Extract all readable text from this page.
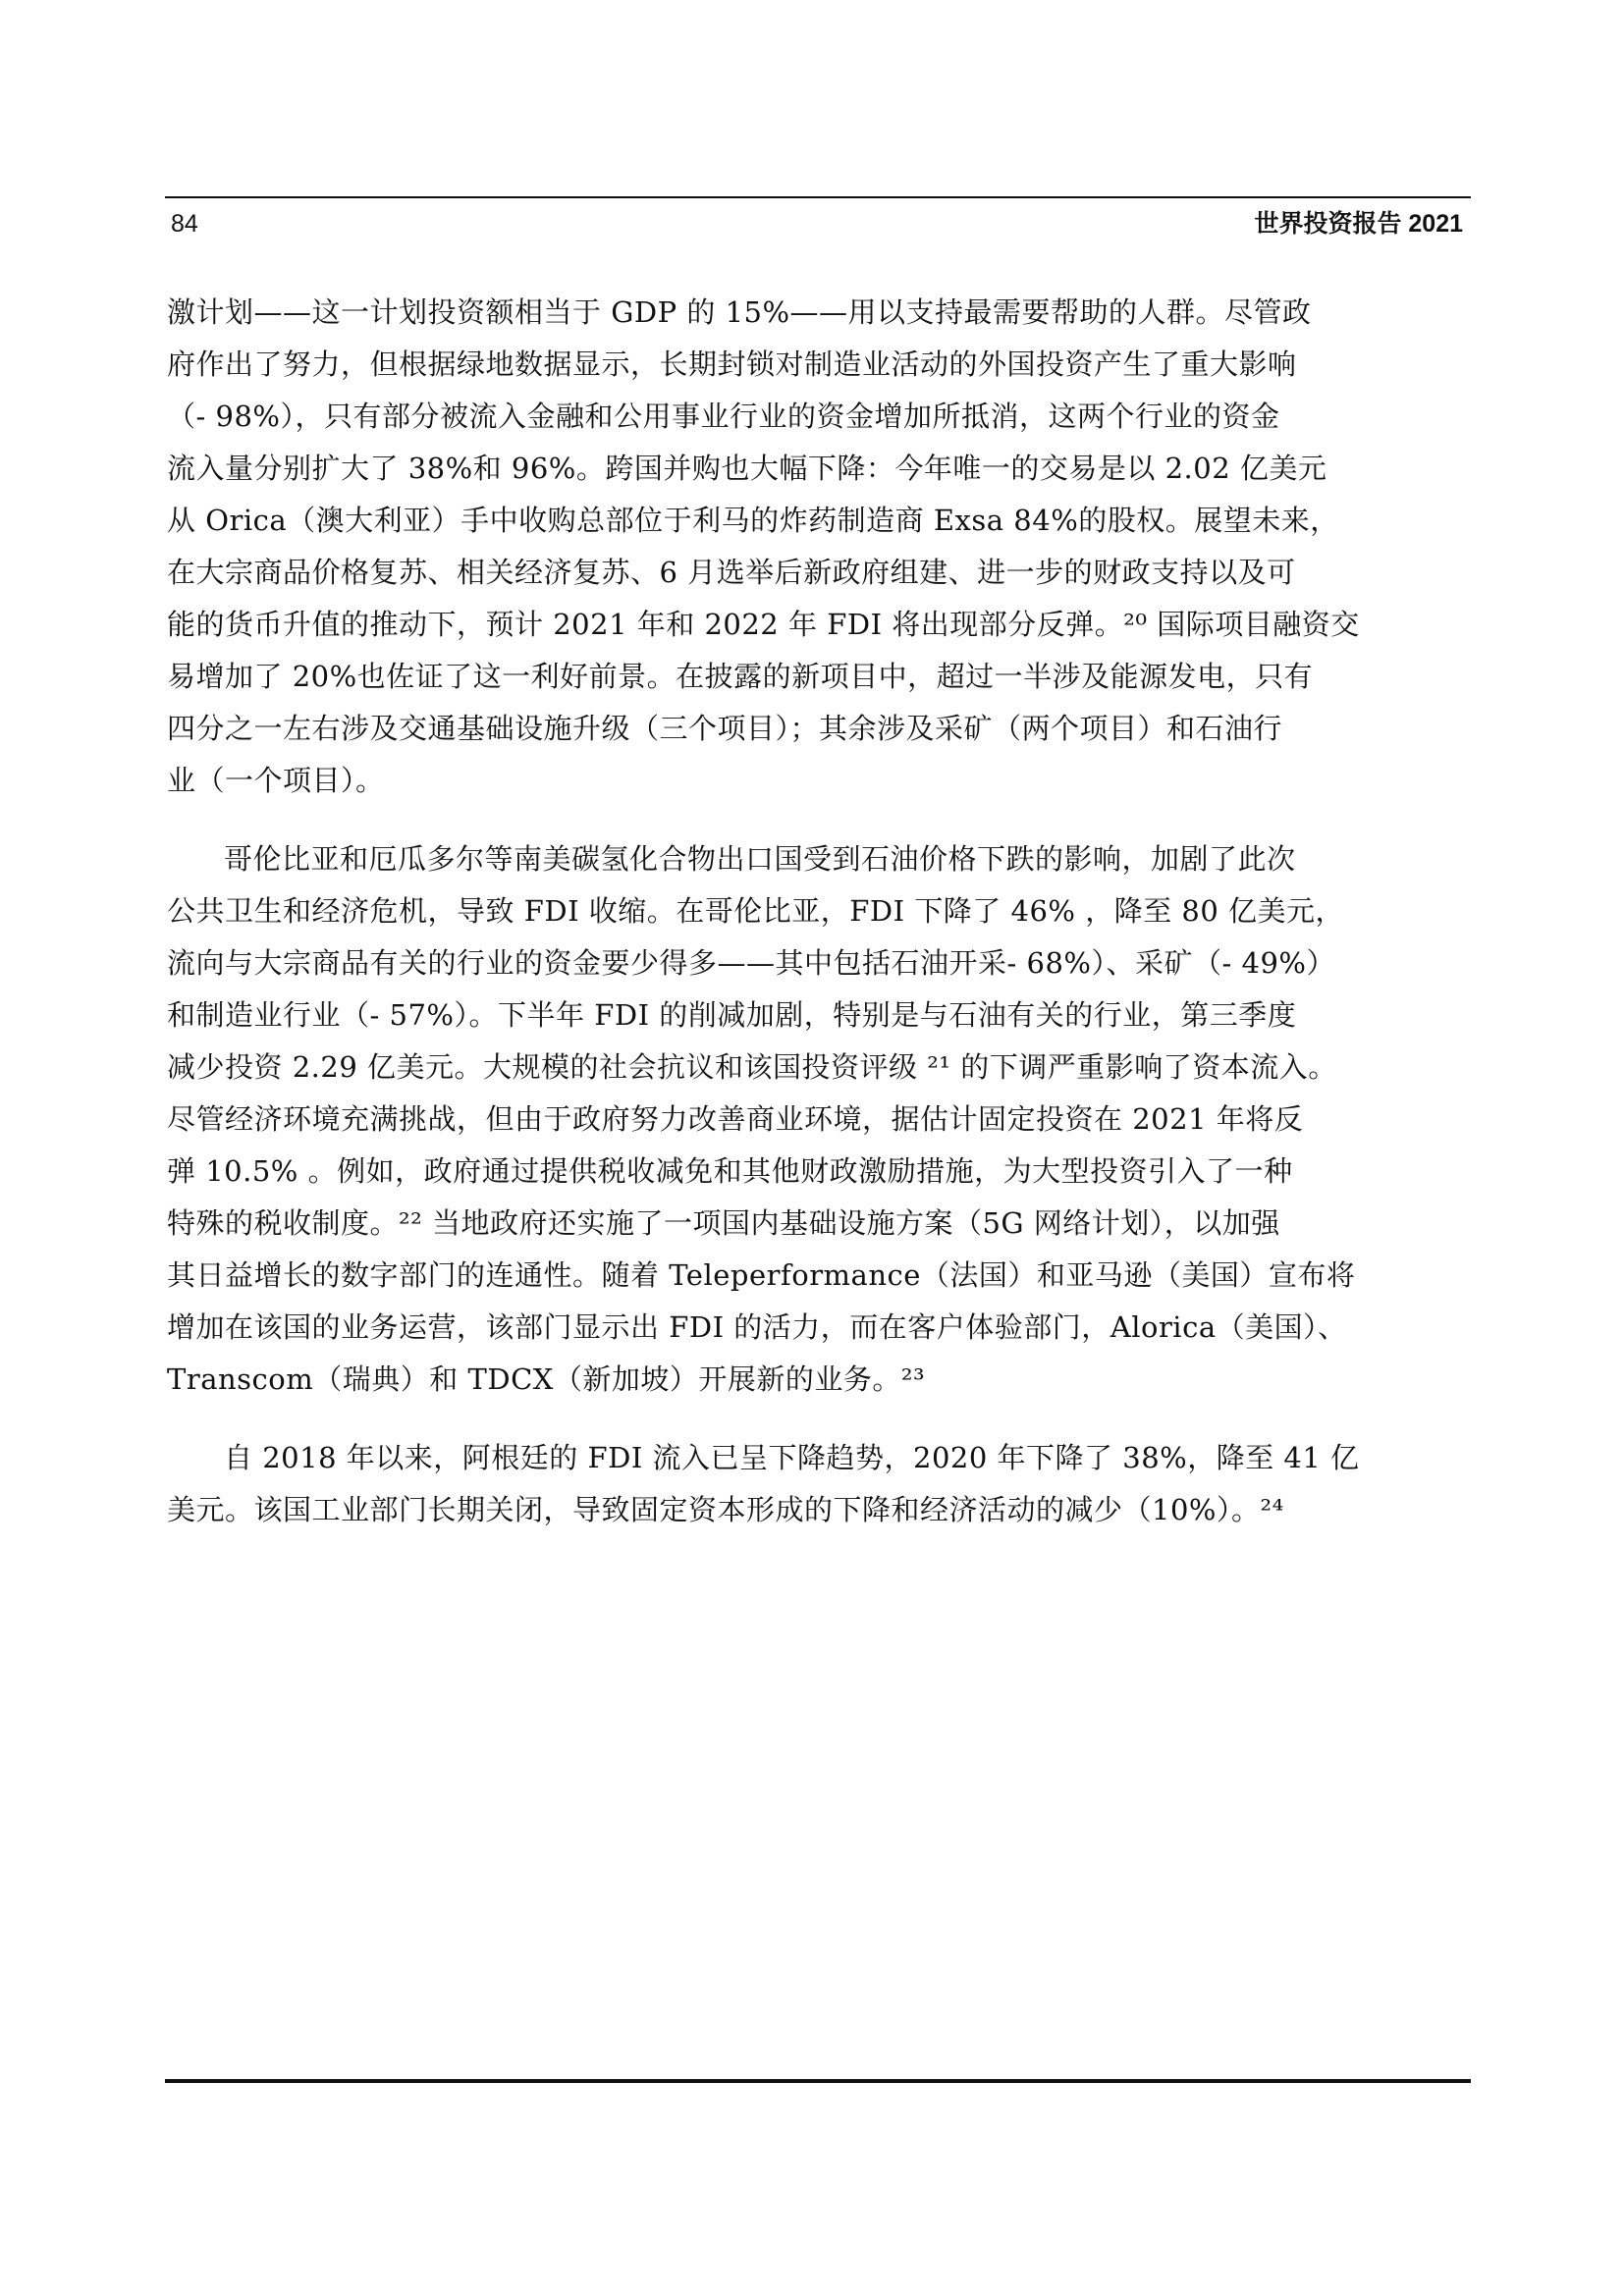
84	世界投资报告 2021
激计划——这一计划投资额相当于 GDP 的 15%——用以支持最需要帮助的人群。尽管政
府作出了努力，但根据绿地数据显示，长期封锁对制造业活动的外国投资产生了重大影响
（- 98%），只有部分被流入金融和公用事业行业的资金增加所抵消，这两个行业的资金
流入量分别扩大了 38%和 96%。跨国并购也大幅下降：今年唯一的交易是以 2.02 亿美元
从 Orica（澳大利亚）手中收购总部位于利马的炸药制造商 Exsa 84%的股权。展望未来，
在大宗商品价格复苏、相关经济复苏、6 月选举后新政府组建、进一步的财政支持以及可
能的货币升值的推动下，预计 2021 年和 2022 年 FDI 将出现部分反弹。²⁰ 国际项目融资交
易增加了 20%也佐证了这一利好前景。在披露的新项目中，超过一半涉及能源发电，只有
四分之一左右涉及交通基础设施升级（三个项目）；其余涉及采矿（两个项目）和石油行
业（一个项目）。
哥伦比亚和厄瓜多尔等南美碳氢化合物出口国受到石油价格下跌的影响，加剧了此次
公共卫生和经济危机，导致 FDI 收缩。在哥伦比亚，FDI 下降了 46% ，降至 80 亿美元，
流向与大宗商品有关的行业的资金要少得多——其中包括石油开采- 68%）、采矿（- 49%）
和制造业行业（- 57%）。下半年 FDI 的削减加剧，特别是与石油有关的行业，第三季度
减少投资 2.29 亿美元。大规模的社会抗议和该国投资评级 ²¹ 的下调严重影响了资本流入。
尽管经济环境充满挑战，但由于政府努力改善商业环境，据估计固定投资在 2021 年将反
弹 10.5% 。例如，政府通过提供税收减免和其他财政激励措施，为大型投资引入了一种
特殊的税收制度。²² 当地政府还实施了一项国内基础设施方案（5G 网络计划），以加强
其日益增长的数字部门的连通性。随着 Teleperformance（法国）和亚马逊（美国）宣布将
增加在该国的业务运营，该部门显示出 FDI 的活力，而在客户体验部门，Alorica（美国）、
Transcom（瑞典）和 TDCX（新加坡）开展新的业务。²³
自 2018 年以来，阿根廷的 FDI 流入已呈下降趋势，2020 年下降了 38%，降至 41 亿
美元。该国工业部门长期关闭，导致固定资本形成的下降和经济活动的减少（10%）。²⁴
